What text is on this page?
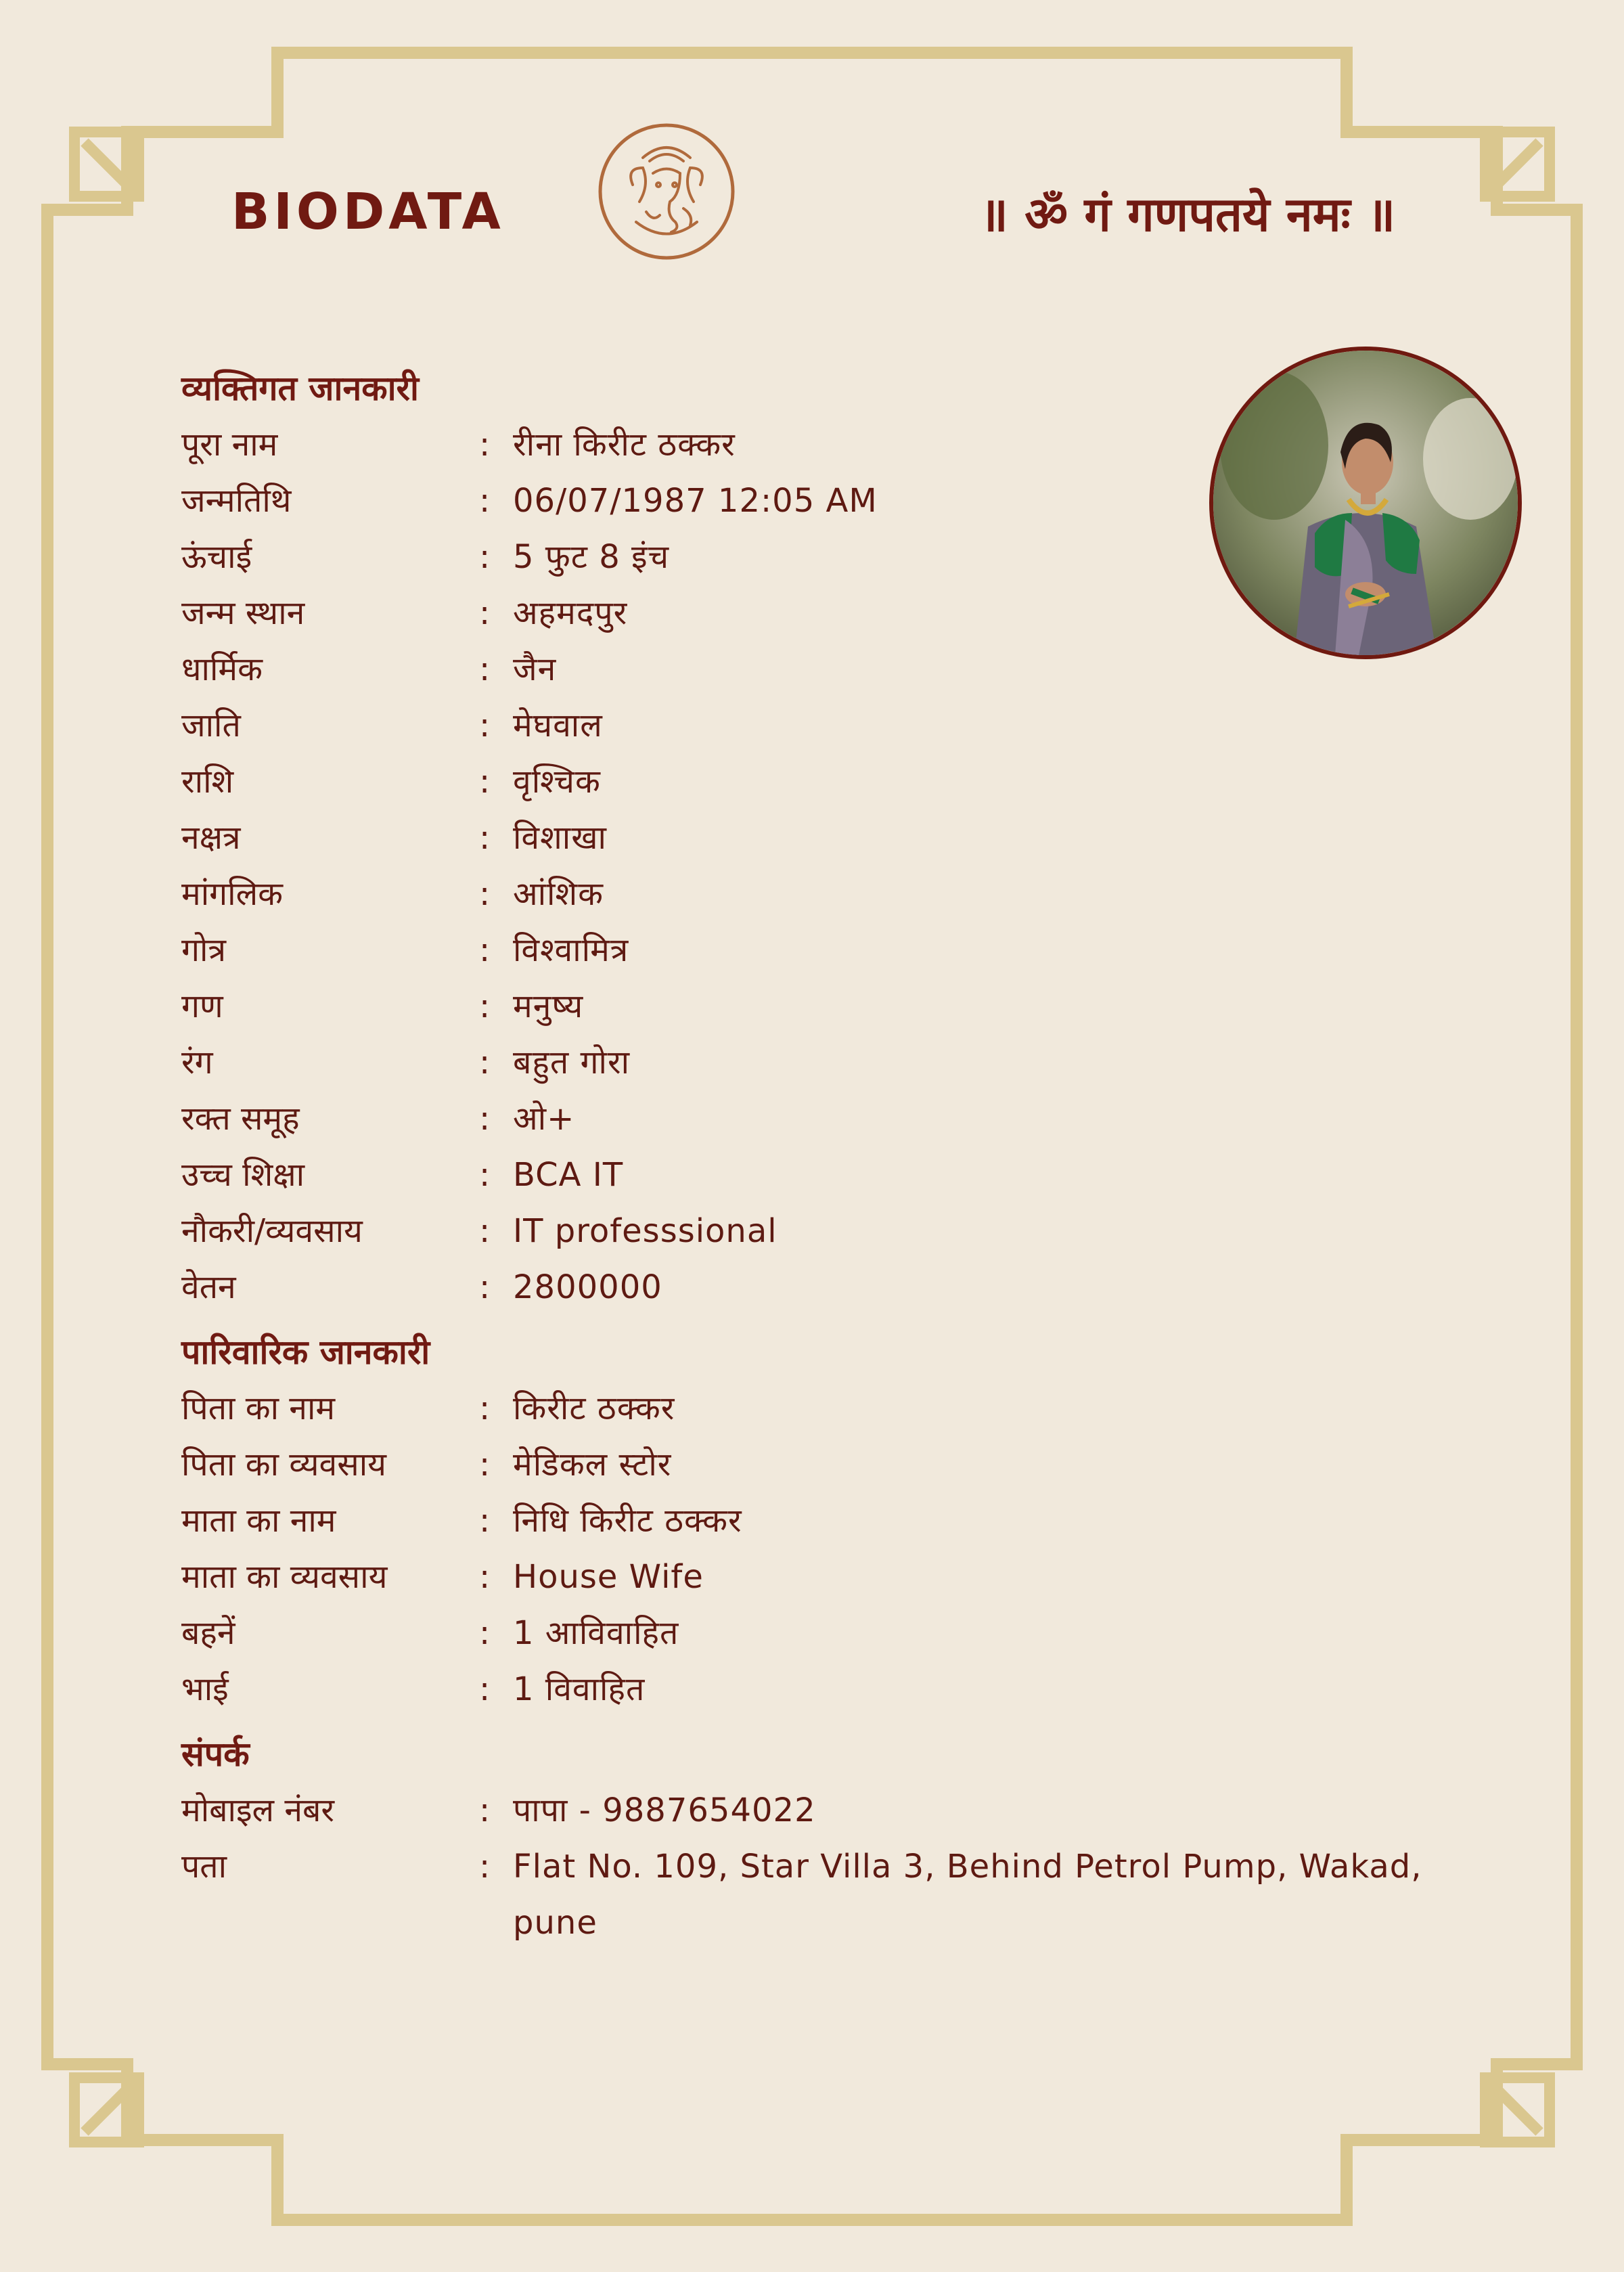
BIODATA	॥ ॐ गं गणपतये नमः ॥
व्यक्तिगत जानकारी
पूरा नाम	: रीना किरीट ठक्कर
जन्मतिथि	: 06/07/1987 12:05 AM
ऊंचाई	: 5 फुट 8 इंच
जन्म स्थान	: अहमदपुर
धार्मिक	: जैन
जाति	: मेघवाल
राशि	: वृश्चिक
नक्षत्र	: विशाखा
मांगलिक	: आंशिक
गोत्र	: विश्वामित्र
गण	: मनुष्य
रंग	: बहुत गोरा
रक्त समूह	: ओ+
उच्च शिक्षा	: BCA IT
नौकरी/व्यवसाय	: IT professsional
वेतन	: 2800000
पारिवारिक जानकारी
पिता का नाम	: किरीट ठक्कर
पिता का व्यवसाय	: मेडिकल स्टोर
माता का नाम	: निधि किरीट ठक्कर
माता का व्यवसाय	: House Wife
बहनें	: 1 आविवाहित
भाई	: 1 विवाहित
संपर्क
मोबाइल नंबर	: पापा - 9887654022
पता	: Flat No. 109, Star Villa 3, Behind Petrol Pump, Wakad, pune
